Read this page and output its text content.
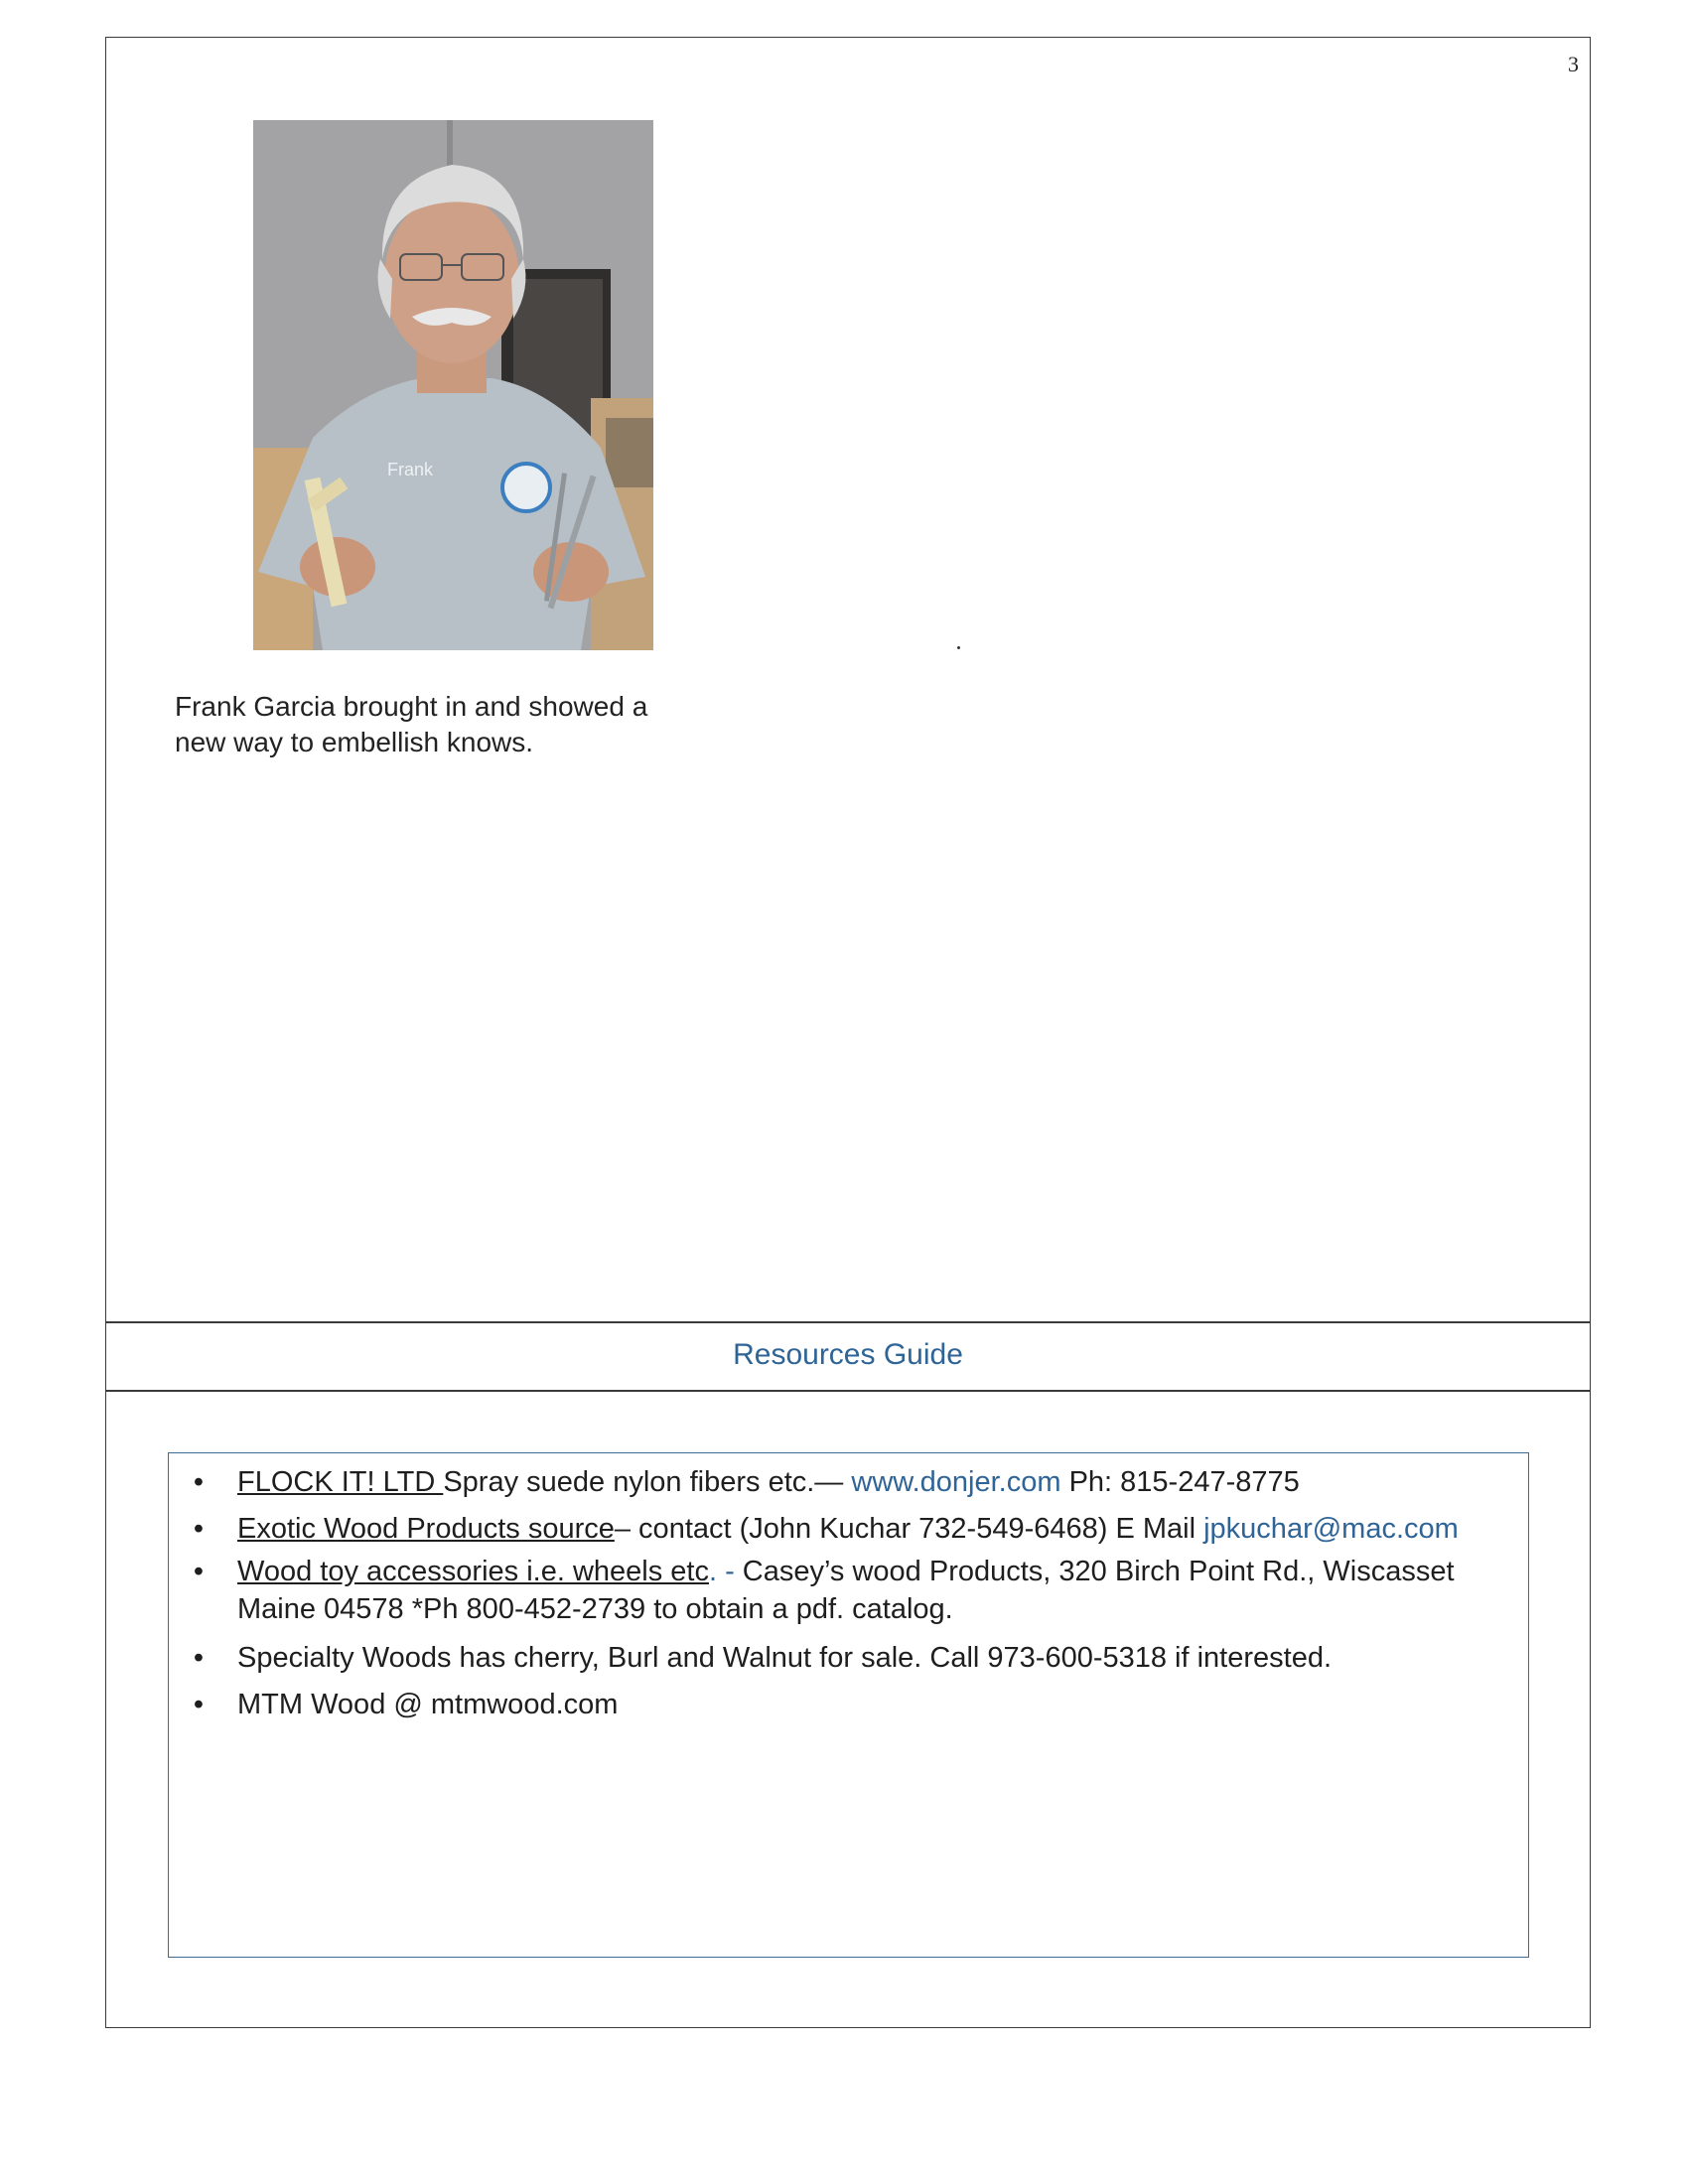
3
Frank
Frank Garcia brought in and showed a new way to embellish knows.
Resources Guide
•	FLOCK IT! LTD Spray suede nylon fibers etc.— www.donjer.com Ph: 815-247-8775
•	Exotic Wood Products source– contact (John Kuchar 732-549-6468) E Mail jpkuchar@mac.com
•	Wood toy accessories i.e. wheels etc. - Casey’s wood Products, 320 Birch Point Rd., Wiscasset Maine 04578 *Ph 800-452-2739 to obtain a pdf. catalog.
•	Specialty Woods has cherry, Burl and Walnut for sale. Call 973-600-5318 if interested.
•	MTM Wood @ mtmwood.com
